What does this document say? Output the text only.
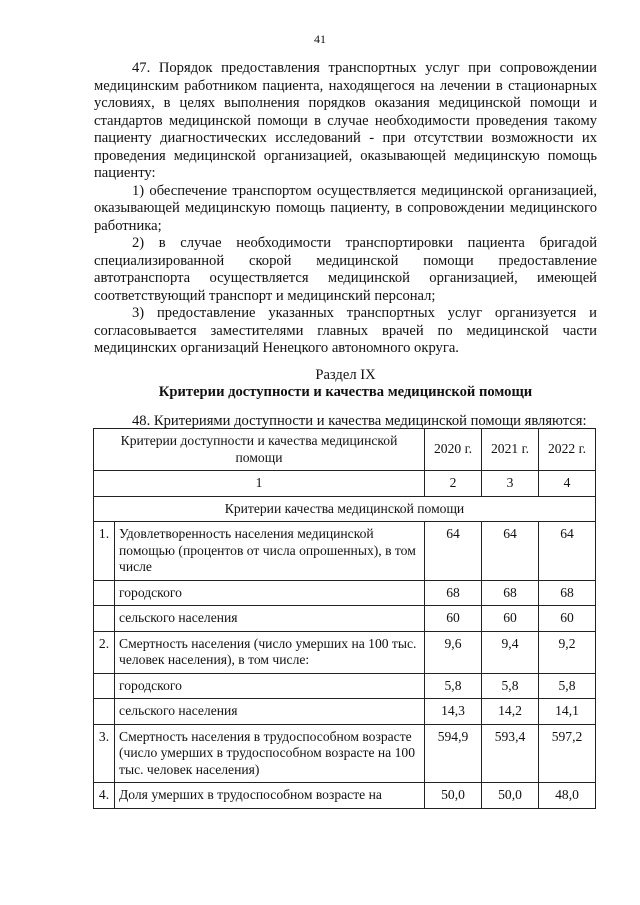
41

47. Порядок предоставления транспортных услуг при сопровождении медицинским работником пациента, находящегося на лечении в стационарных условиях, в целях выполнения порядков оказания медицинской помощи и стандартов медицинской помощи в случае необходимости проведения такому пациенту диагностических исследований - при отсутствии возможности их проведения медицинской организацией, оказывающей медицинскую помощь пациенту:

1) обеспечение транспортом осуществляется медицинской организацией, оказывающей медицинскую помощь пациенту, в сопровождении медицинского работника;

2) в случае необходимости транспортировки пациента бригадой специализированной скорой медицинской помощи предоставление автотранспорта осуществляется медицинской организацией, имеющей соответствующий транспорт и медицинский персонал;

3) предоставление указанных транспортных услуг организуется и согласовывается заместителями главных врачей по медицинской части медицинских организаций Ненецкого автономного округа.

Раздел IX

Критерии доступности и качества медицинской помощи

48. Критериями доступности и качества медицинской помощи являются:

Критерии доступности и качества медицинской помощи		2020 г.	2021 г.	2022 г.
1		2	3	4
Критерии качества медицинской помощи				
1.	Удовлетворенность населения медицинской помощью (процентов от числа опрошенных), в том числе	64	64	64
	городского	68	68	68
	сельского населения	60	60	60
2.	Смертность населения (число умерших на 100 тыс. человек населения), в том числе:	9,6	9,4	9,2
	городского	5,8	5,8	5,8
	сельского населения	14,3	14,2	14,1
3.	Смертность населения в трудоспособном возрасте (число умерших в трудоспособном возрасте на 100 тыс. человек населения)	594,9	593,4	597,2
4.	Доля умерших в трудоспособном возрасте на	50,0	50,0	48,0
